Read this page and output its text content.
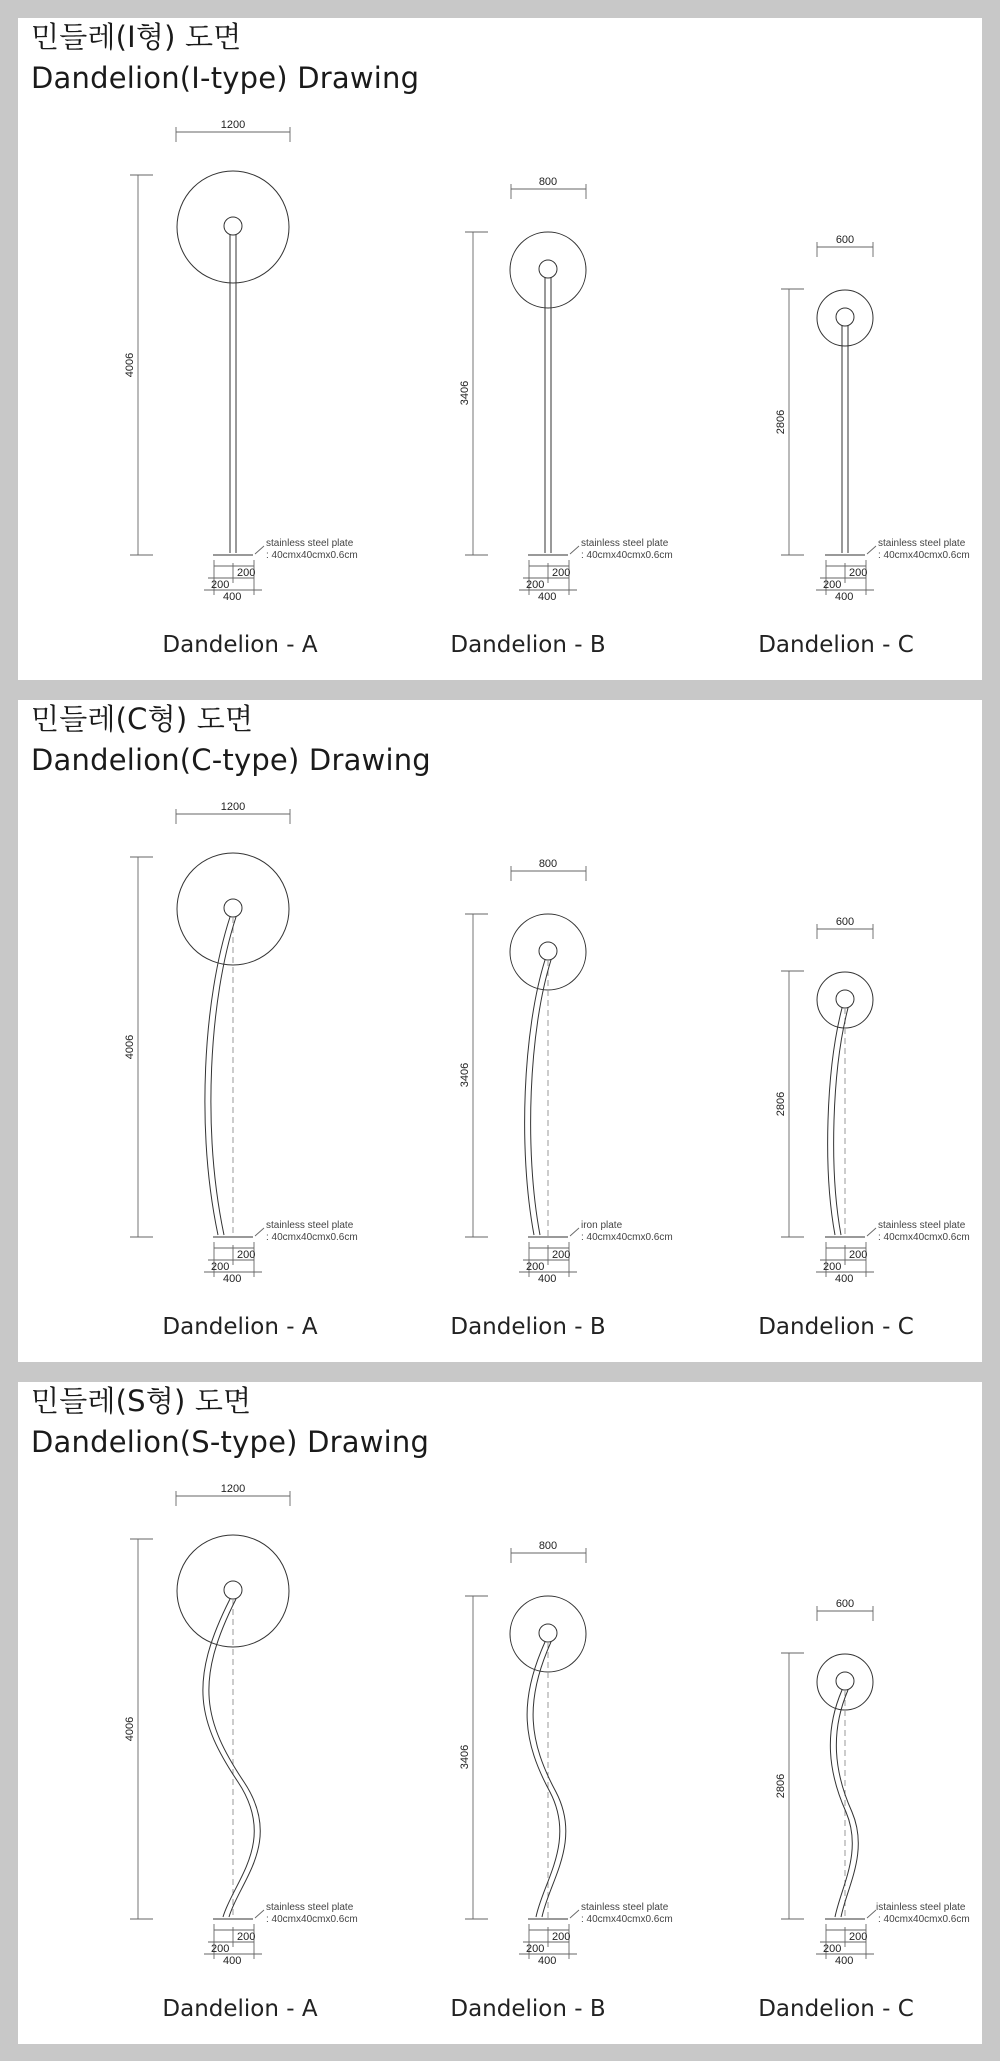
민들레(I형) 도면
Dandelion(I-type) Drawing
1200
4006
stainless steel plate
: 40cmx40cmx0.6cm
200
200
400
Dandelion - A
800
3406
stainless steel plate
: 40cmx40cmx0.6cm
200
200
400
Dandelion - B
600
2806
stainless steel plate
: 40cmx40cmx0.6cm
200
200
400
Dandelion - C
민들레(C형) 도면
Dandelion(C-type) Drawing
1200
4006
stainless steel plate
: 40cmx40cmx0.6cm
200
200
400
Dandelion - A
800
3406
iron plate
: 40cmx40cmx0.6cm
200
200
400
Dandelion - B
600
2806
stainless steel plate
: 40cmx40cmx0.6cm
200
200
400
Dandelion - C
민들레(S형) 도면
Dandelion(S-type) Drawing
1200
4006
stainless steel plate
: 40cmx40cmx0.6cm
200
200
400
Dandelion - A
800
3406
stainless steel plate
: 40cmx40cmx0.6cm
200
200
400
Dandelion - B
600
2806
istainless steel plate
: 40cmx40cmx0.6cm
200
200
400
Dandelion - C
